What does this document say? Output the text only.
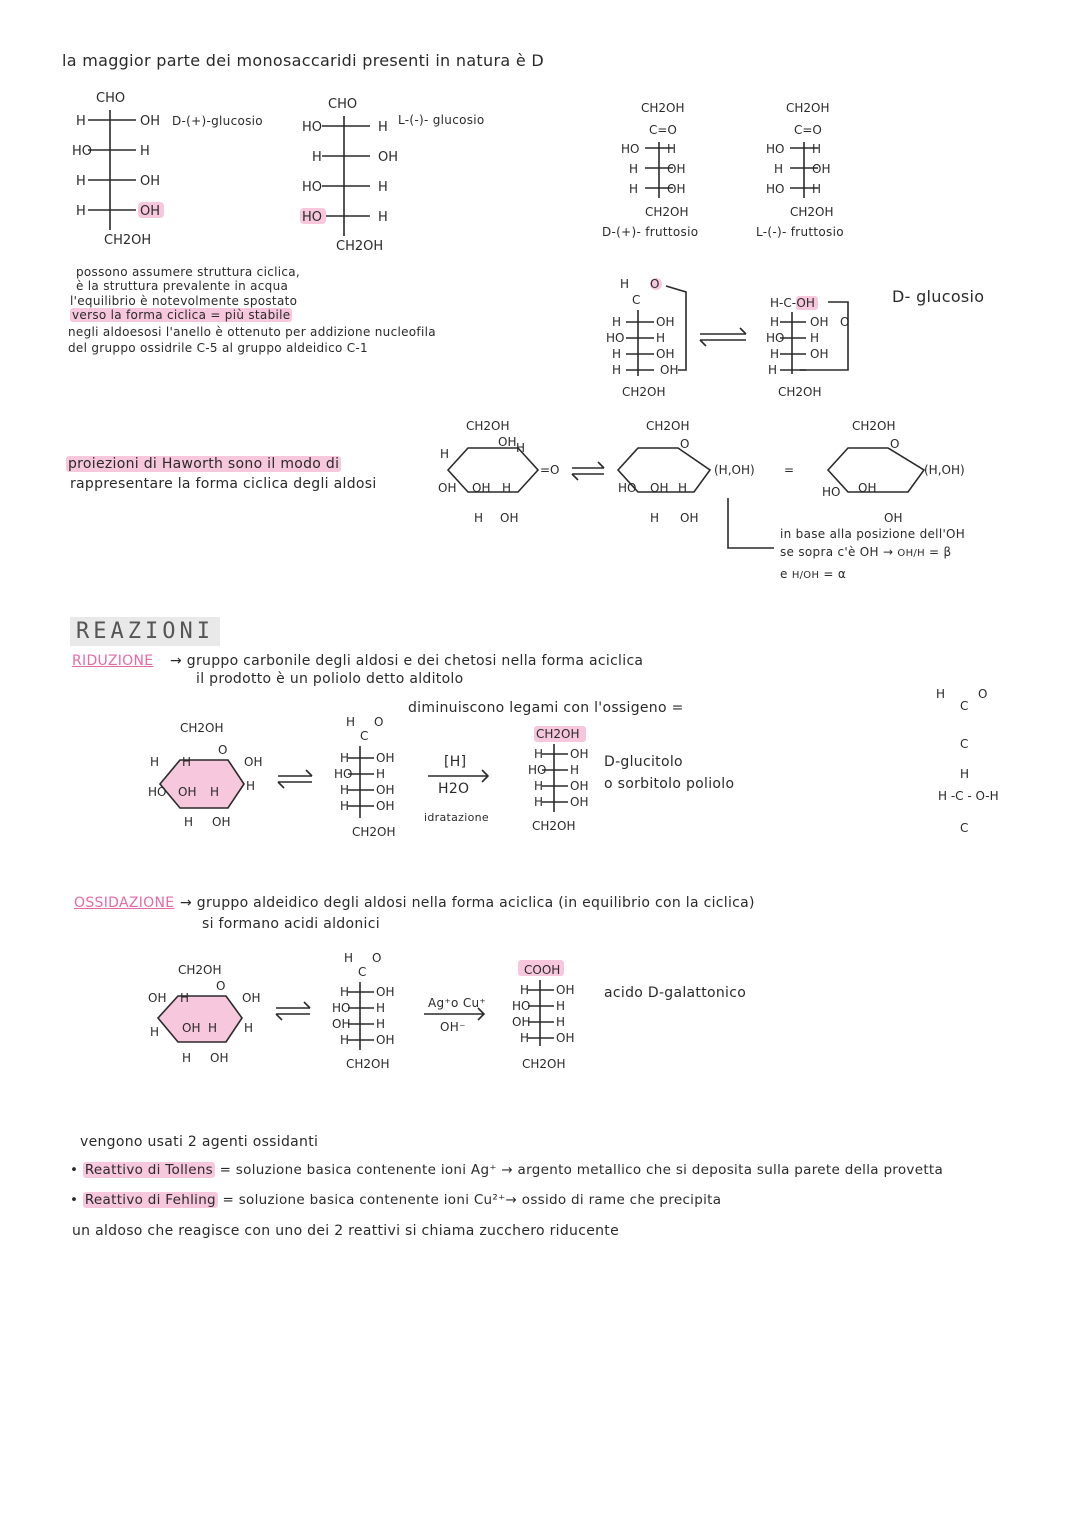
la maggior parte dei monosaccaridi presenti in natura è D
CHO
H	OH
HO	H
H	OH
H	OH
CH2OH
D-(+)-glucosio
CHO
HO	H
H	OH
HO	H
HO	H
CH2OH
L-(-)- glucosio
CH2OH
C=O
HO H
H OH
H OH
CH2OH
D-(+)- fruttosio
CH2OH
C=O
HO H
H OH
HO H
CH2OH
L-(-)- fruttosio
possono assumere struttura ciclica,
è la struttura prevalente in acqua
l'equilibrio è notevolmente spostato
verso la forma ciclica = più stabile
negli aldoesosi l'anello è ottenuto per addizione nucleofila
del gruppo ossidrile C-5 al gruppo aldeidico C-1
H O
C
H	OH
HO	H
H	OH
H	OH
CH2OH
H-C-OH
H	OH
HO H
H	OH
H
O
CH2OH
D- glucosio
proiezioni di Haworth sono il modo di
rappresentare la forma ciclica degli aldosi
CH2OH
OH H
H
OH OH H
H OH
=O
CH2OH
O
HO OH H
H OH
(H,OH) =
CH2OH
O
HO OH
(H,OH)
OH
in base alla posizione dell'OH
se sopra c'è OH → OH/H = β
e H/OH = α
REAZIONI
RIDUZIONE → gruppo carbonile degli aldosi e dei chetosi nella forma aciclica
il prodotto è un poliolo detto alditolo
diminuiscono legami con l'ossigeno =
CH2OH
O
H H	OH
HO OH H H
H OH
H O
C
H OH
HO H
H OH
H OH
CH2OH
CH2OH
H OH
HO H
H OH
H OH
CH2OH
[H]
H2O
idratazione
D-glucitolo
o sorbitolo poliolo
H	O
C
C
H
H -C - O-H
C
OSSIDAZIONE → gruppo aldeidico degli aldosi nella forma aciclica (in equilibrio con la ciclica)
si formano acidi aldonici
CH2OH
O
OH H	OH
H OH H H
H OH
H O
C
H OH
HO H
OH H
H OH
CH2OH
COOH
H OH
HO H
OH H
H OH
CH2OH
Ag⁺o Cu⁺
OH⁻
acido D-galattonico
vengono usati 2 agenti ossidanti
• Reattivo di Tollens = soluzione basica contenente ioni Ag⁺ → argento metallico che si deposita sulla parete della provetta
• Reattivo di Fehling = soluzione basica contenente ioni Cu²⁺→ ossido di rame che precipita
un aldoso che reagisce con uno dei 2 reattivi si chiama zucchero riducente
